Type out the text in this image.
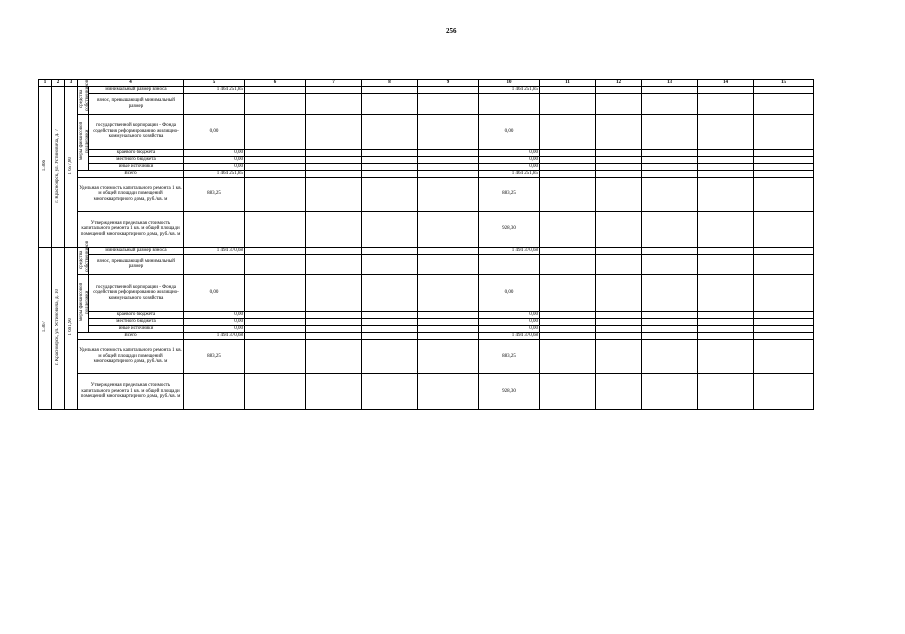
256
1	2	3	4		5	6	7	8	9	10	11	12	13	14	15
1.366	г. Красноярск, ул. Устиновича, д. 7	1 657,80	средства собственников	минимальный размер взноса	1 464 251,85					1 464 251,85					
				взнос, превышающий минимальный размер											
			меры финансовой поддержки	государственной корпорации - Фонда содействия реформированию жилищно-коммунального хозяйства	0,00					0,00					
				краевого бюджета	0,00					0,00					
				местного бюджета	0,00					0,00					
				иные источники	0,00					0,00					
			Всего		1 464 251,85					1 464 251,85					
			Удельная стоимость капитального ремонта 1 кв. м общей площади помещений многоквартирного дома, руб./кв. м		883,25					883,25					
			Утвержденная предельная стоимость капитального ремонта 1 кв. м общей площади помещений многоквартирного дома, руб./кв. м							928,30					
1.367	г. Красноярск, ул. Устиновича, д. 10	1 691,90	средства собственников	минимальный размер взноса	1 494 370,68					1 494 370,68					
				взнос, превышающий минимальный размер											
			меры финансовой поддержки	государственной корпорации - Фонда содействия реформированию жилищно-коммунального хозяйства	0,00					0,00					
				краевого бюджета	0,00					0,00					
				местного бюджета	0,00					0,00					
				иные источники	0,00					0,00					
			Всего		1 494 370,68					1 494 370,68					
			Удельная стоимость капитального ремонта 1 кв. м общей площади помещений многоквартирного дома, руб./кв. м		883,25					883,25					
			Утвержденная предельная стоимость капитального ремонта 1 кв. м общей площади помещений многоквартирного дома, руб./кв. м							928,30					
